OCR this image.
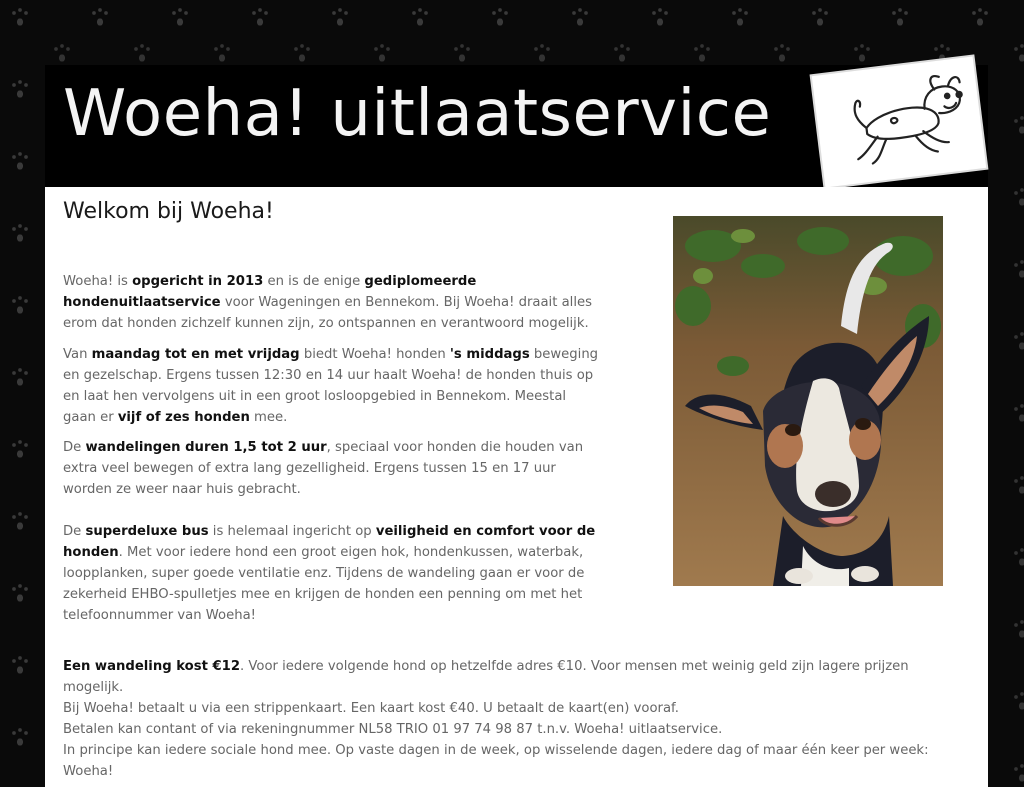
Woeha! uitlaatservice
Welkom bij Woeha!

Woeha! is opgericht in 2013 en is de enige gediplomeerde hondenuitlaatservice voor Wageningen en Bennekom. Bij Woeha! draait alles erom dat honden zichzelf kunnen zijn, zo ontspannen en verantwoord mogelijk.

Van maandag tot en met vrijdag biedt Woeha! honden 's middags beweging en gezelschap. Ergens tussen 12:30 en 14 uur haalt Woeha! de honden thuis op en laat hen vervolgens uit in een groot losloopgebied in Bennekom. Meestal gaan er vijf of zes honden mee.

De wandelingen duren 1,5 tot 2 uur, speciaal voor honden die houden van extra veel bewegen of extra lang gezelligheid. Ergens tussen 15 en 17 uur worden ze weer naar huis gebracht.

De superdeluxe bus is helemaal ingericht op veiligheid en comfort voor de honden. Met voor iedere hond een groot eigen hok, hondenkussen, waterbak, loopplanken, super goede ventilatie enz. Tijdens de wandeling gaan er voor de zekerheid EHBO-spulletjes mee en krijgen de honden een penning om met het telefoonnummer van Woeha!

Een wandeling kost €12. Voor iedere volgende hond op hetzelfde adres €10. Voor mensen met weinig geld zijn lagere prijzen mogelijk.
Bij Woeha! betaalt u via een strippenkaart. Een kaart kost €40. U betaalt de kaart(en) vooraf.
Betalen kan contant of via rekeningnummer NL58 TRIO 01 97 74 98 87 t.n.v. Woeha! uitlaatservice.

In principe kan iedere sociale hond mee. Op vaste dagen in de week, op wisselende dagen, iedere dag of maar één keer per week: Woeha!
